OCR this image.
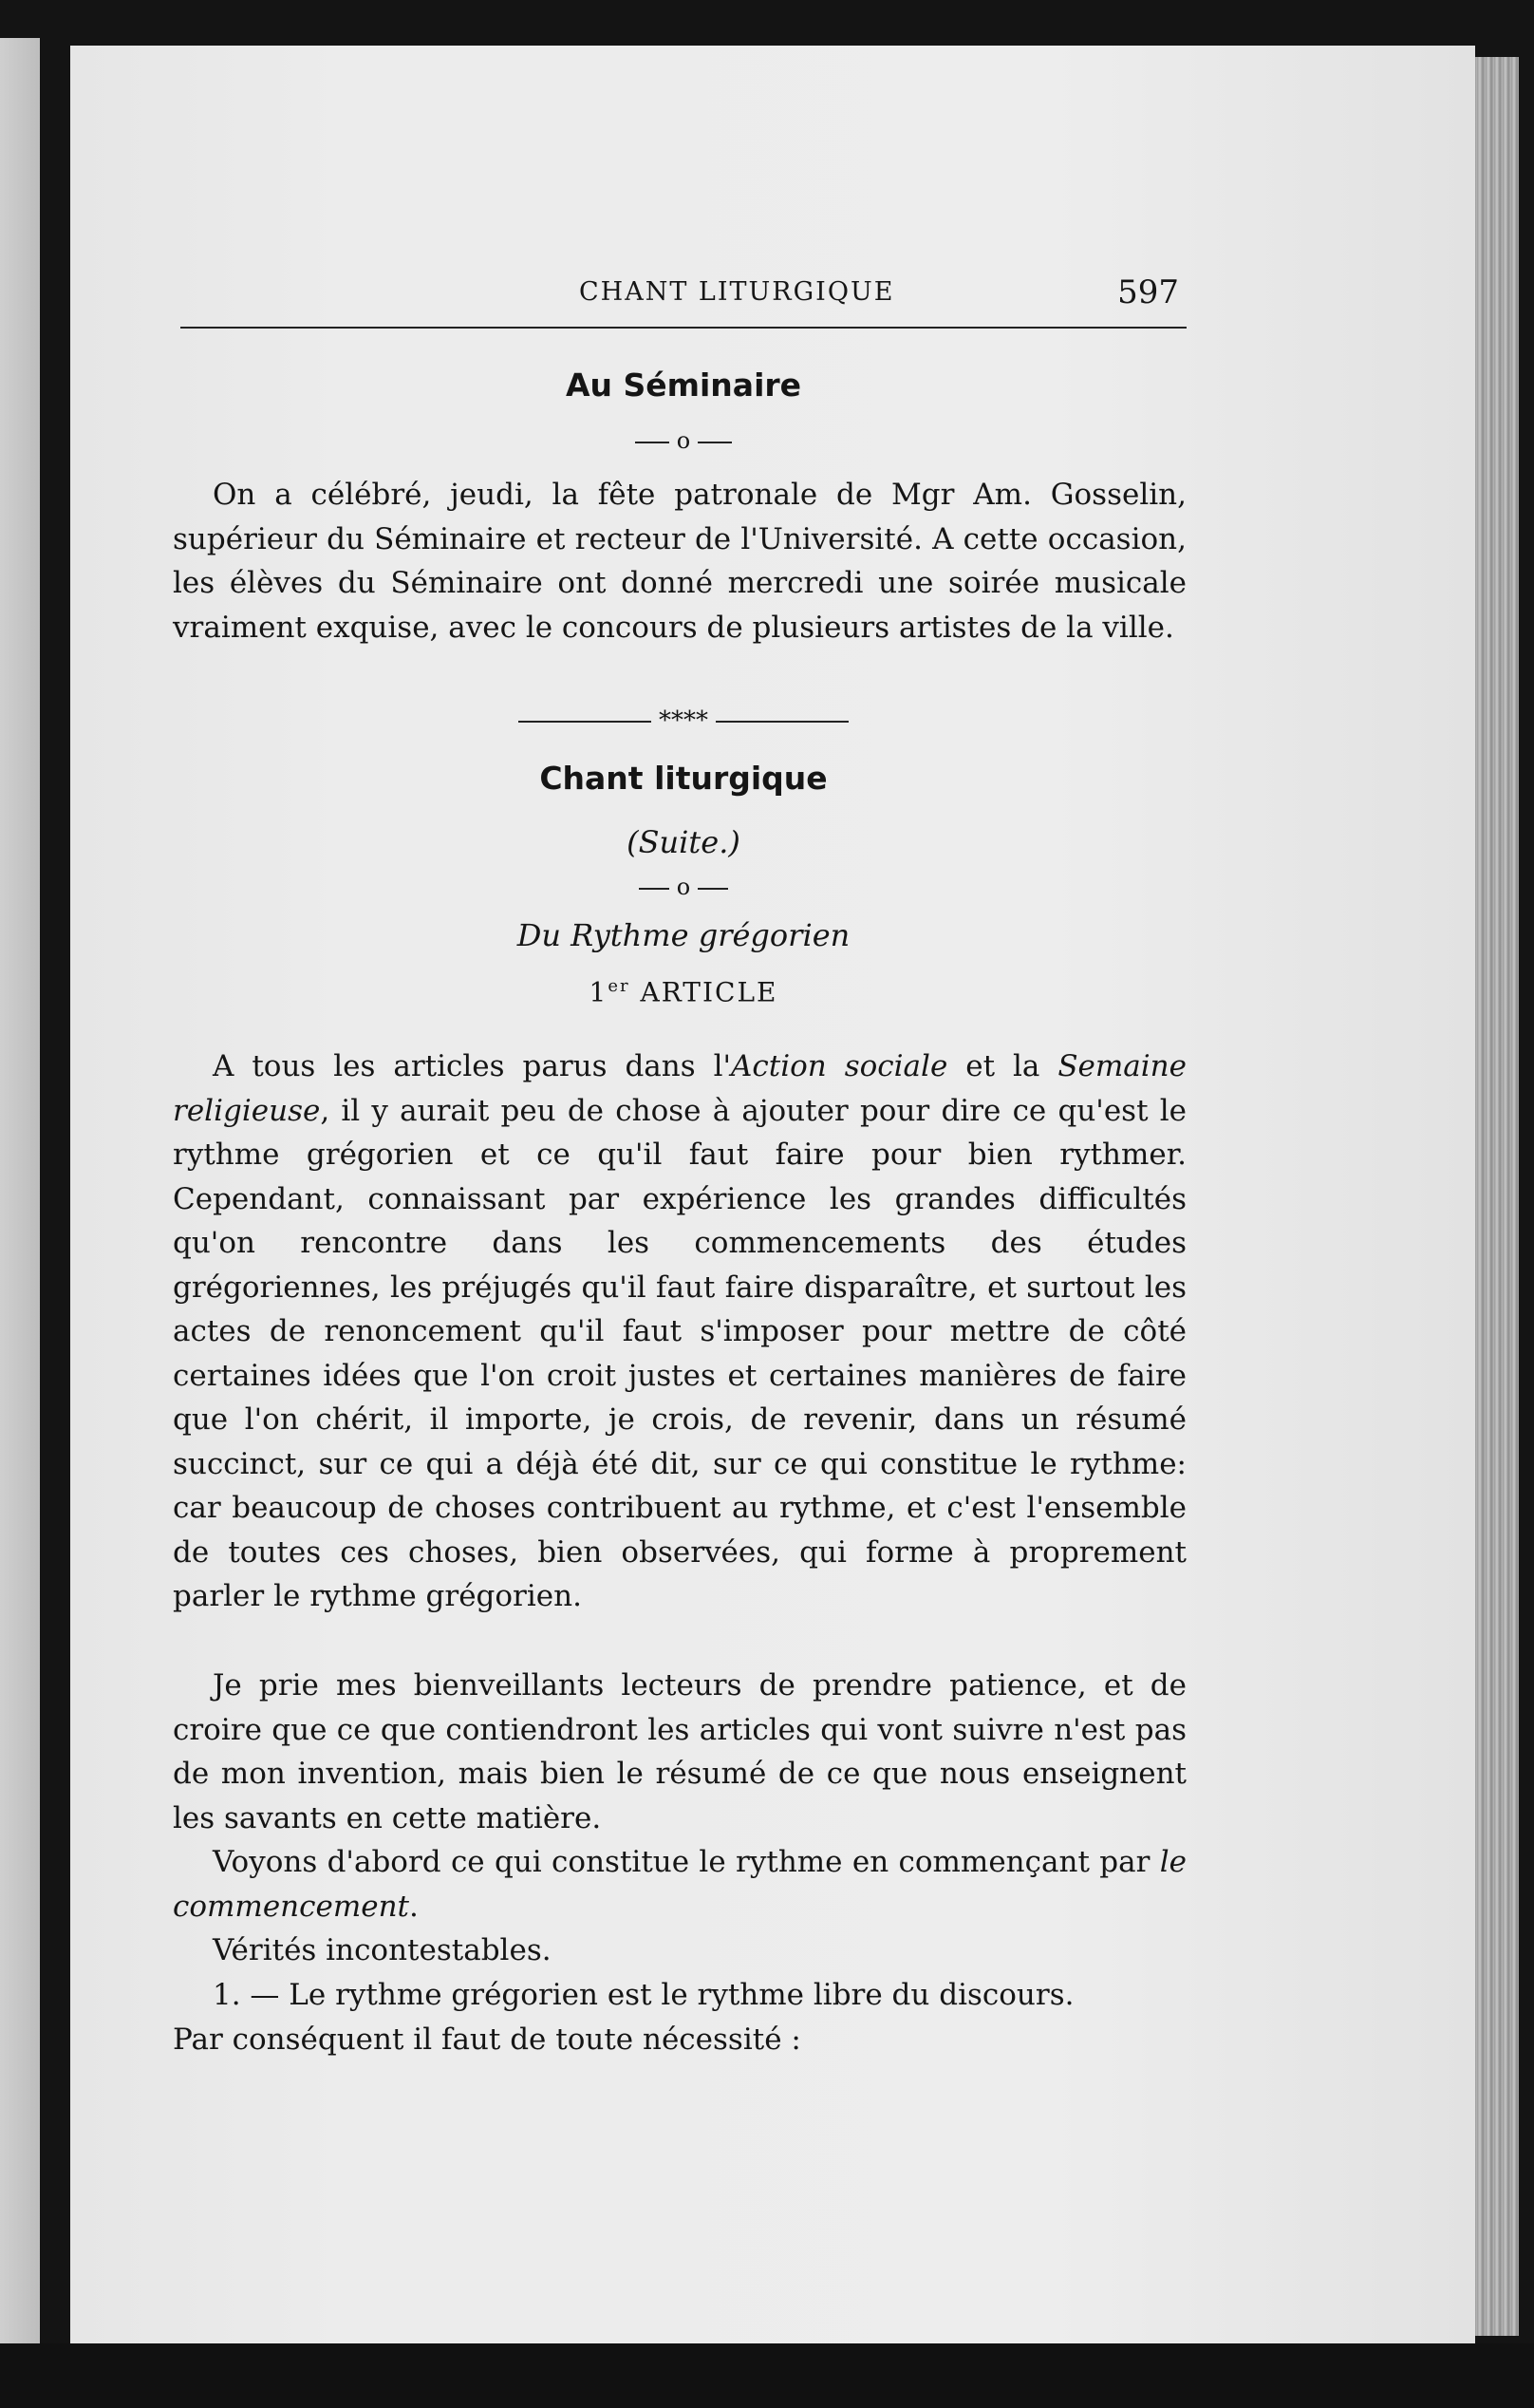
CHANT LITURGIQUE	597
Au Séminaire
o

On a célébré, jeudi, la fête patronale de Mgr Am. Gosselin, supérieur du Séminaire et recteur de l'Université. A cette occasion, les élèves du Séminaire ont donné mercredi une soirée musicale vraiment exquise, avec le concours de plusieurs artistes de la ville.

****
Chant liturgique
(Suite.)
o
Du Rythme grégorien
1er ARTICLE

A tous les articles parus dans l'Action sociale et la Semaine religieuse, il y aurait peu de chose à ajouter pour dire ce qu'est le rythme grégorien et ce qu'il faut faire pour bien rythmer. Cependant, connaissant par expérience les grandes difficultés qu'on rencontre dans les commencements des études grégoriennes, les préjugés qu'il faut faire disparaître, et surtout les actes de renoncement qu'il faut s'imposer pour mettre de côté certaines idées que l'on croit justes et certaines manières de faire que l'on chérit, il importe, je crois, de revenir, dans un résumé succinct, sur ce qui a déjà été dit, sur ce qui constitue le rythme: car beaucoup de choses contribuent au rythme, et c'est l'ensemble de toutes ces choses, bien observées, qui forme à proprement parler le rythme grégorien.

Je prie mes bienveillants lecteurs de prendre patience, et de croire que ce que contiendront les articles qui vont suivre n'est pas de mon invention, mais bien le résumé de ce que nous enseignent les savants en cette matière.

Voyons d'abord ce qui constitue le rythme en commençant par le commencement.

Vérités incontestables.

1. — Le rythme grégorien est le rythme libre du discours.

Par conséquent il faut de toute nécessité :
